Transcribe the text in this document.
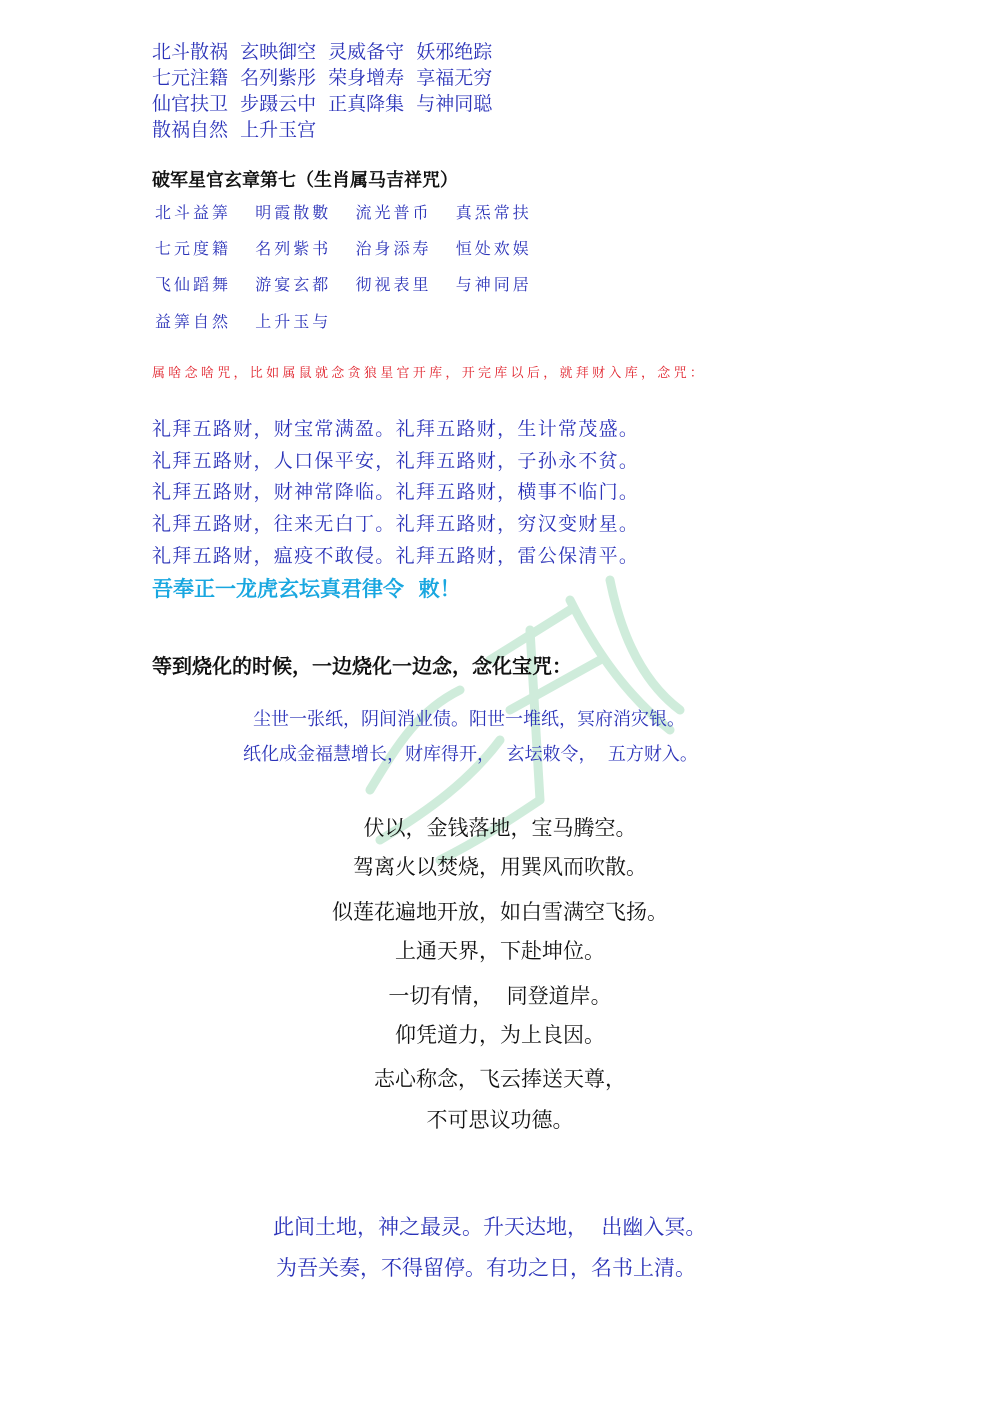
北斗散祸  玄映御空  灵威备守  妖邪绝踪
七元注籍  名列紫彤  荣身增寿  享福无穷
仙官扶卫  步蹑云中  正真降集  与神同聪
散祸自然  上升玉宫
破军星官玄章第七（生肖属马吉祥咒）
北斗益筭   明霞散數   流光普币   真炁常扶
七元度籍   名列紫书   治身添寿   恒处欢娱
飞仙蹈舞   游宴玄都   彻视表里   与神同居
益筭自然   上升玉与
属啥念啥咒，比如属鼠就念贪狼星官开库，开完库以后，就拜财入库，念咒：
礼拜五路财，财宝常满盈。礼拜五路财，生计常茂盛。
礼拜五路财，人口保平安，礼拜五路财，子孙永不贫。
礼拜五路财，财神常降临。礼拜五路财，横事不临门。
礼拜五路财，往来无白丁。礼拜五路财，穷汉变财星。
礼拜五路财，瘟疫不敢侵。礼拜五路财，雷公保清平。
吾奉正一龙虎玄坛真君律令  敕！
等到烧化的时候，一边烧化一边念，念化宝咒：
尘世一张纸，阴间消业债。阳世一堆纸，冥府消灾银。
纸化成金福慧增长，财库得开，  玄坛敕令，  五方财入。
伏以，金钱落地，宝马腾空。
驾离火以焚烧，用巽风而吹散。
似莲花遍地开放，如白雪满空飞扬。
上通天界，下赴坤位。
一切有情，  同登道岸。
仰凭道力，为上良因。
志心称念，飞云捧送天尊，
不可思议功德。
此间土地，神之最灵。升天达地，  出幽入冥。
为吾关奏，不得留停。有功之日，名书上清。
